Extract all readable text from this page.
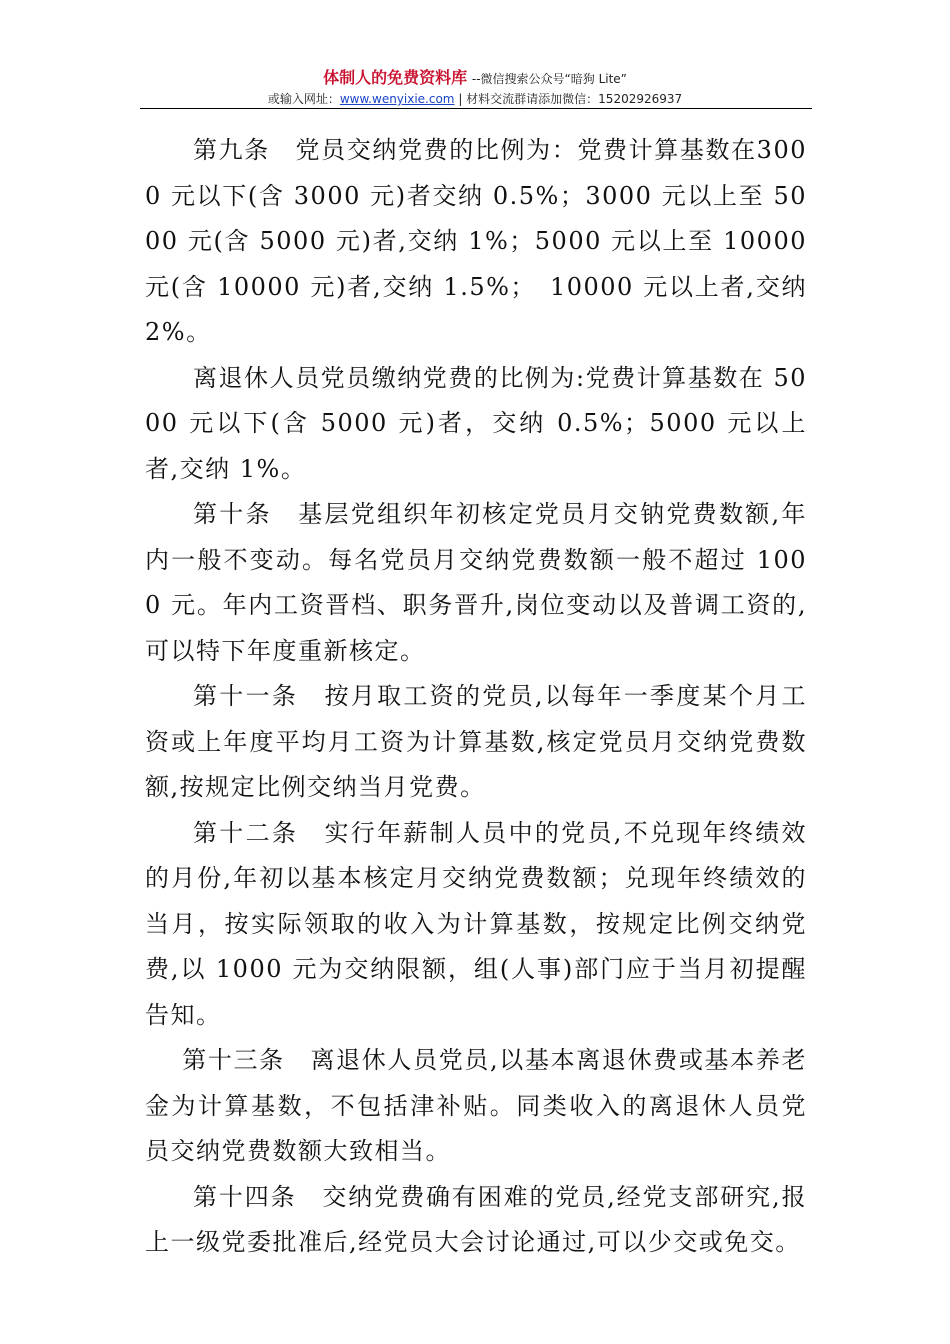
体制人的免费资料库 --微信搜索公众号“暗狗 Lite”
或输入网址：www.wenyixie.com | 材料交流群请添加微信：15202926937

第九条　党员交纳党费的比例为：党费计算基数在3000 元以下(含 3000 元)者交纳 0.5%；3000 元以上至 5000 元(含 5000 元)者,交纳 1%；5000 元以上至 10000 元(含 10000 元)者,交纳 1.5%；　10000 元以上者,交纳 2%。

离退休人员党员缴纳党费的比例为:党费计算基数在 5000 元以下(含 5000 元)者，交纳 0.5%；5000 元以上者,交纳 1%。

第十条　基层党组织年初核定党员月交钠党费数额,年内一般不变动。每名党员月交纳党费数额一般不超过 1000 元。年内工资晋档、职务晋升,岗位变动以及普调工资的,可以特下年度重新核定。

第十一条　按月取工资的党员,以每年一季度某个月工资或上年度平均月工资为计算基数,核定党员月交纳党费数额,按规定比例交纳当月党费。

第十二条　实行年薪制人员中的党员,不兑现年终绩效的月份,年初以基本核定月交纳党费数额；兑现年终绩效的当月，按实际领取的收入为计算基数，按规定比例交纳党费,以 1000 元为交纳限额，组(人事)部门应于当月初提醒告知。

第十三条　离退休人员党员,以基本离退休费或基本养老金为计算基数，不包括津补贴。同类收入的离退休人员党员交纳党费数额大致相当。

第十四条　交纳党费确有困难的党员,经党支部研究,报上一级党委批准后,经党员大会讨论通过,可以少交或免交。
